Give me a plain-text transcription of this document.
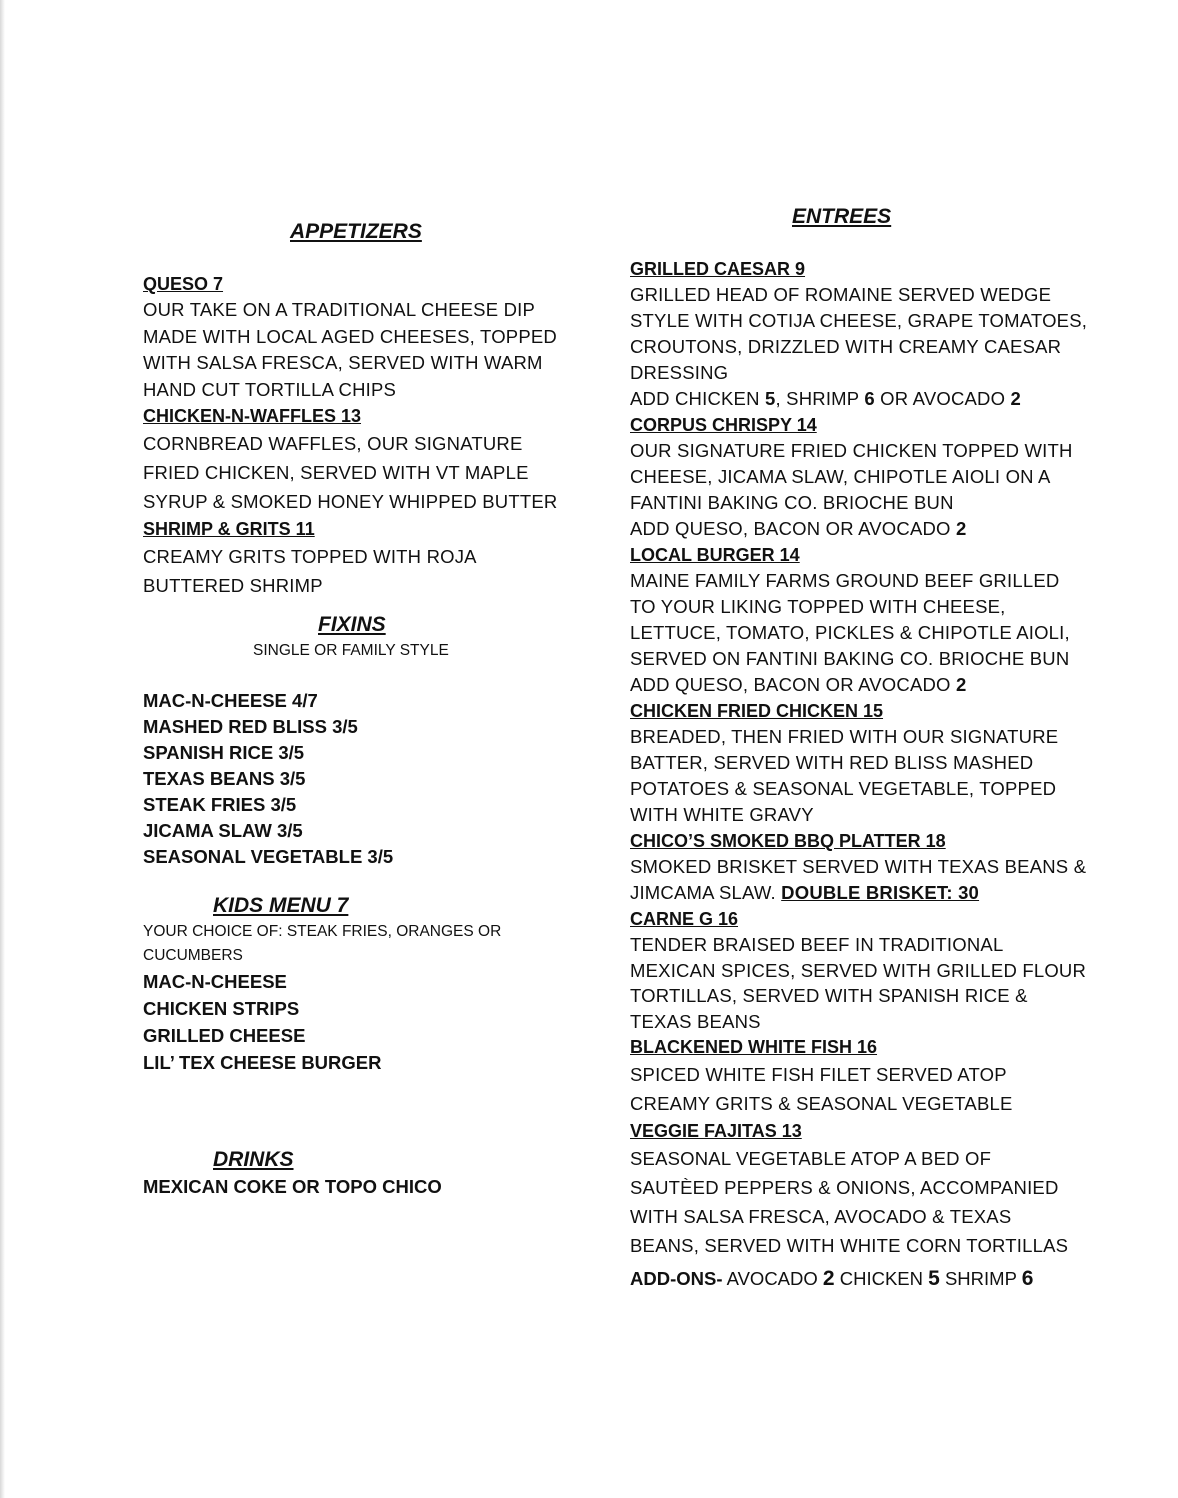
APPETIZERS
QUESO 7
OUR TAKE ON A TRADITIONAL CHEESE DIP
MADE WITH LOCAL AGED CHEESES, TOPPED
WITH SALSA FRESCA, SERVED WITH WARM
HAND CUT TORTILLA CHIPS
CHICKEN-N-WAFFLES 13
CORNBREAD WAFFLES, OUR SIGNATURE
FRIED CHICKEN, SERVED WITH VT MAPLE
SYRUP & SMOKED HONEY WHIPPED BUTTER
SHRIMP & GRITS 11
CREAMY GRITS TOPPED WITH ROJA
BUTTERED SHRIMP
FIXINS
SINGLE OR FAMILY STYLE
MAC-N-CHEESE 4/7
MASHED RED BLISS 3/5
SPANISH RICE 3/5
TEXAS BEANS 3/5
STEAK FRIES 3/5
JICAMA SLAW 3/5
SEASONAL VEGETABLE 3/5
KIDS MENU 7
YOUR CHOICE OF: STEAK FRIES, ORANGES OR
CUCUMBERS
MAC-N-CHEESE
CHICKEN STRIPS
GRILLED CHEESE
LIL’ TEX CHEESE BURGER
DRINKS
MEXICAN COKE OR TOPO CHICO
ENTREES
GRILLED CAESAR 9
GRILLED HEAD OF ROMAINE SERVED WEDGE
STYLE WITH COTIJA CHEESE, GRAPE TOMATOES,
CROUTONS, DRIZZLED WITH CREAMY CAESAR
DRESSING
ADD CHICKEN 5, SHRIMP 6 OR AVOCADO 2
CORPUS CHRISPY 14
OUR SIGNATURE FRIED CHICKEN TOPPED WITH
CHEESE, JICAMA SLAW, CHIPOTLE AIOLI ON A
FANTINI BAKING CO. BRIOCHE BUN
ADD QUESO, BACON OR AVOCADO 2
LOCAL BURGER 14
MAINE FAMILY FARMS GROUND BEEF GRILLED
TO YOUR LIKING TOPPED WITH CHEESE,
LETTUCE, TOMATO, PICKLES & CHIPOTLE AIOLI,
SERVED ON FANTINI BAKING CO. BRIOCHE BUN
ADD QUESO, BACON OR AVOCADO 2
CHICKEN FRIED CHICKEN 15
BREADED, THEN FRIED WITH OUR SIGNATURE
BATTER, SERVED WITH RED BLISS MASHED
POTATOES & SEASONAL VEGETABLE, TOPPED
WITH WHITE GRAVY
CHICO’S SMOKED BBQ PLATTER 18
SMOKED BRISKET SERVED WITH TEXAS BEANS &
JIMCAMA SLAW. DOUBLE BRISKET: 30
CARNE G 16
TENDER BRAISED BEEF IN TRADITIONAL
MEXICAN SPICES, SERVED WITH GRILLED FLOUR
TORTILLAS, SERVED WITH SPANISH RICE &
TEXAS BEANS
BLACKENED WHITE FISH 16
SPICED WHITE FISH FILET SERVED ATOP
CREAMY GRITS & SEASONAL VEGETABLE
VEGGIE FAJITAS 13
SEASONAL VEGETABLE ATOP A BED OF
SAUTÈED PEPPERS & ONIONS, ACCOMPANIED
WITH SALSA FRESCA, AVOCADO & TEXAS
BEANS, SERVED WITH WHITE CORN TORTILLAS
ADD-ONS- AVOCADO 2 CHICKEN 5 SHRIMP 6
